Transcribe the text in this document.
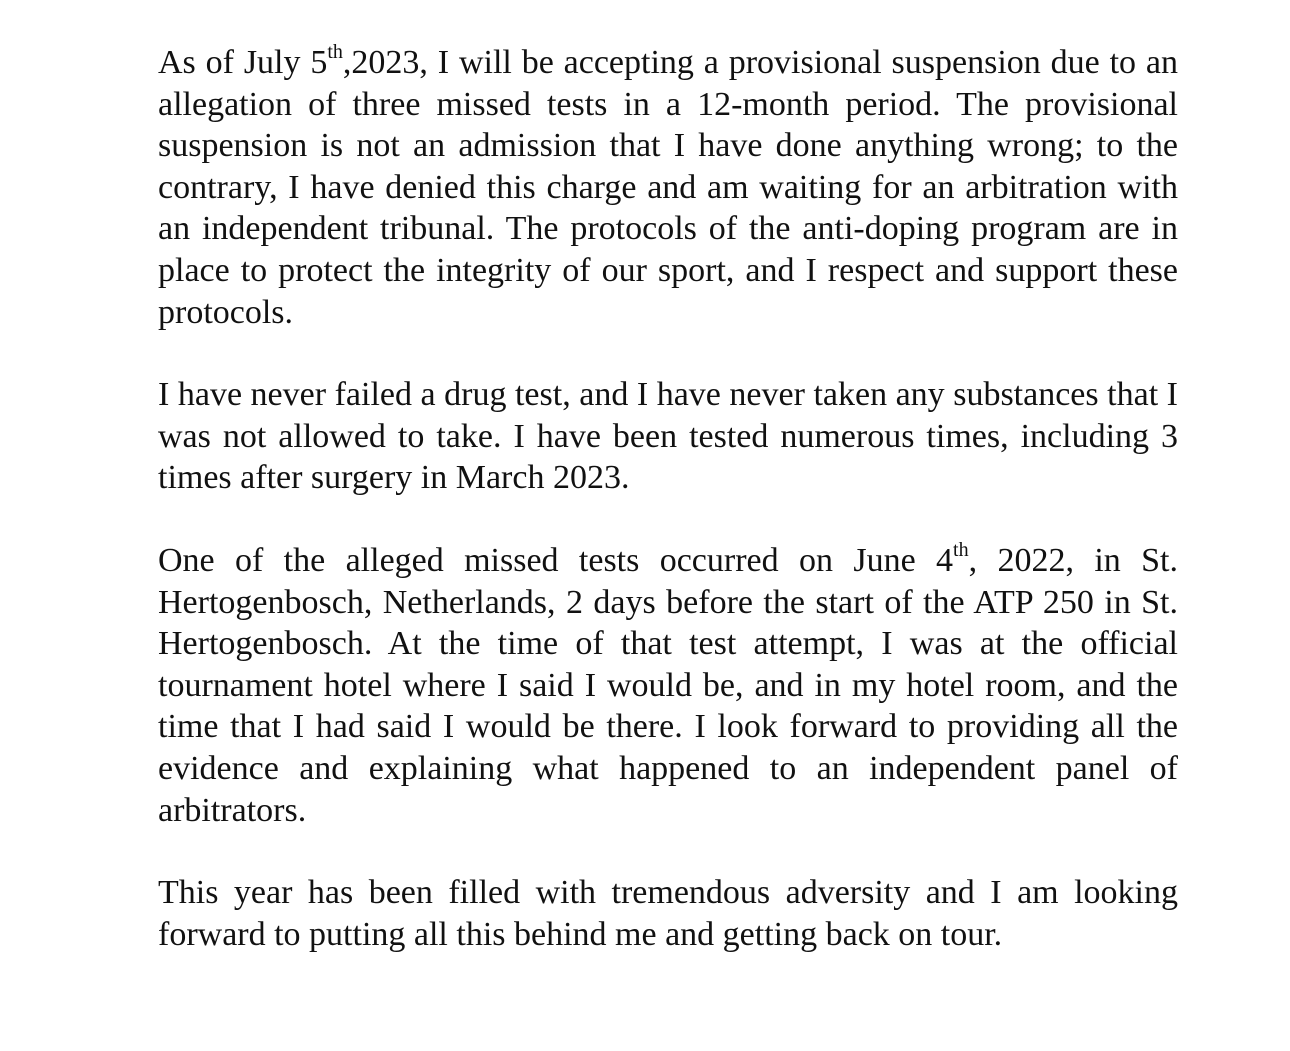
As of July 5th,2023, I will be accepting a provisional suspension due to an allegation of three missed tests in a 12-month period. The provisional suspension is not an admission that I have done anything wrong; to the contrary, I have denied this charge and am waiting for an arbitration with an independent tribunal. The protocols of the anti-doping program are in place to protect the integrity of our sport, and I respect and support these protocols.

I have never failed a drug test, and I have never taken any substances that I was not allowed to take. I have been tested numerous times, including 3 times after surgery in March 2023.

One of the alleged missed tests occurred on June 4th, 2022, in St. Hertogenbosch, Netherlands, 2 days before the start of the ATP 250 in St. Hertogenbosch. At the time of that test attempt, I was at the official tournament hotel where I said I would be, and in my hotel room, and the time that I had said I would be there. I look forward to providing all the evidence and explaining what happened to an independent panel of arbitrators.

This year has been filled with tremendous adversity and I am looking forward to putting all this behind me and getting back on tour.
